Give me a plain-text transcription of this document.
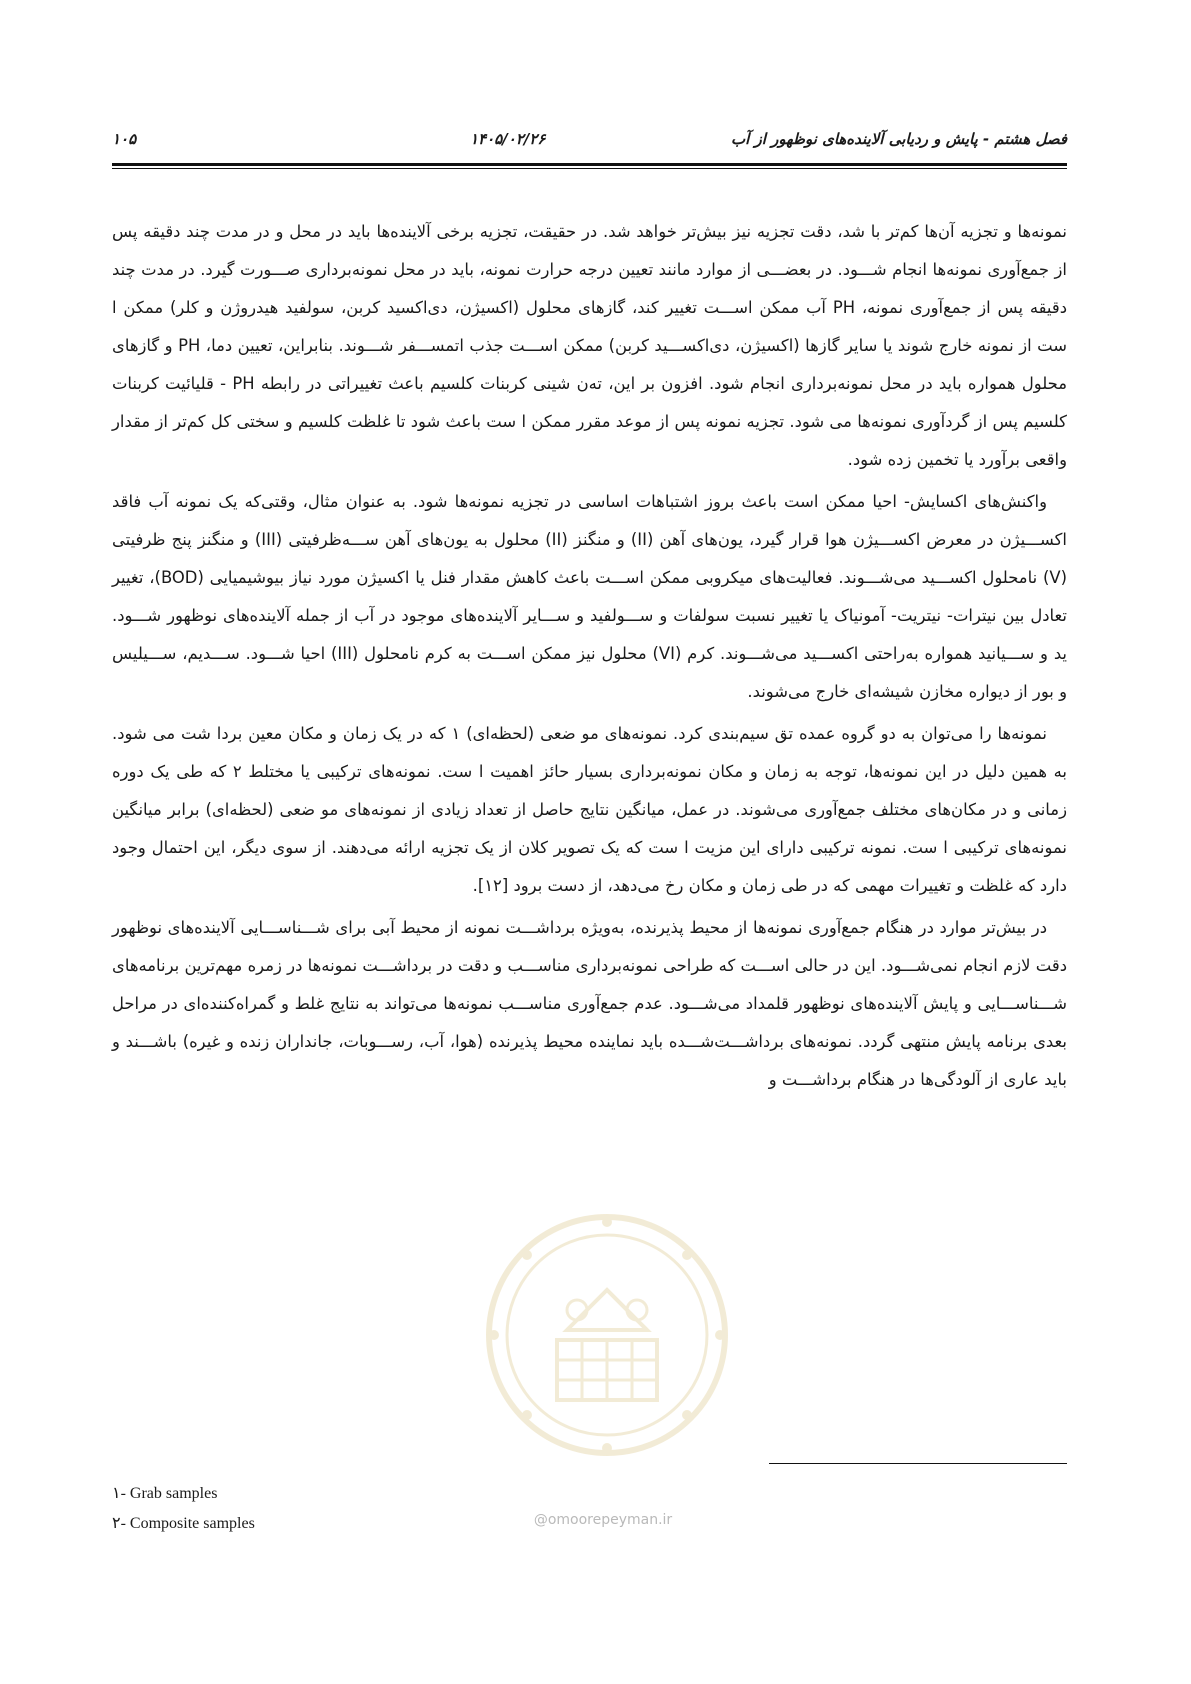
فصل هشتم - پایش و ردیابی آلاینده‌های نوظهور از آب
۱۴۰۵/۰۲/۲۶
۱۰۵

نمونه‌ها و تجزیه آن‌ها کم‌تر با شد، دقت تجزیه نیز بیش‌تر خواهد شد. در حقیقت، تجزیه برخی آلاینده‌ها باید در محل و در مدت چند دقیقه پس از جمع‌آوری نمونه‌ها انجام شـــود. در بعضـــی از موارد مانند تعیین درجه حرارت نمونه، باید در محل نمونه‌برداری صـــورت گیرد. در مدت چند دقیقه پس از جمع‌آوری نمونه، PH آب ممکن اســـت تغییر کند، گازهای محلول (اکسیژن، دی‌اکسید کربن، سولفید هیدروژن و کلر) ممکن ا ست از نمونه خارج شوند یا سایر گازها (اکسیژن، دی‌اکســـید کربن) ممکن اســـت جذب اتمســـفر شـــوند. بنابراین، تعیین دما، PH و گازهای محلول همواره باید در محل نمونه‌برداری انجام شود. افزون بر این، ته‌ن شینی کربنات کلسیم باعث تغییراتی در رابطه PH - قلیائیت کربنات کلسیم پس از گردآوری نمونه‌ها می شود. تجزیه نمونه پس از موعد مقرر ممکن ا ست باعث شود تا غلظت کلسیم و سختی کل کم‌تر از مقدار واقعی برآورد یا تخمین زده شود.

واکنش‌های اکسایش- احیا ممکن است باعث بروز اشتباهات اساسی در تجزیه نمونه‌ها شود. به عنوان مثال، وقتی‌که یک نمونه آب فاقد اکســـیژن در معرض اکســـیژن هوا قرار گیرد، یون‌های آهن (II) و منگنز (II) محلول به یون‌های آهن ســـه‌ظرفیتی (III) و منگنز پنج ظرفیتی (V) نامحلول اکســـید می‌شـــوند. فعالیت‌های میکروبی ممکن اســـت باعث کاهش مقدار فنل یا اکسیژن مورد نیاز بیوشیمیایی (BOD)، تغییر تعادل بین نیترات- نیتریت- آمونیاک یا تغییر نسبت سولفات و ســـولفید و ســـایر آلاینده‌های موجود در آب از جمله آلاینده‌های نوظهور شـــود. ید و ســـیانید همواره به‌راحتی اکســـید می‌شـــوند. کرم (VI) محلول نیز ممکن اســـت به کرم نامحلول (III) احیا شـــود. ســـدیم، ســـیلیس و بور از دیواره مخازن شیشه‌ای خارج می‌شوند.

نمونه‌ها را می‌توان به دو گروه عمده تق سیم‌بندی کرد. نمونه‌های مو ضعی (لحظه‌ای) ۱ که در یک زمان و مکان معین بردا شت می شود. به همین دلیل در این نمونه‌ها، توجه به زمان و مکان نمونه‌برداری بسیار حائز اهمیت ا ست. نمونه‌های ترکیبی یا مختلط ۲ که طی یک دوره زمانی و در مکان‌های مختلف جمع‌آوری می‌شوند. در عمل، میانگین نتایج حاصل از تعداد زیادی از نمونه‌های مو ضعی (لحظه‌ای) برابر میانگین نمونه‌های ترکیبی ا ست. نمونه ترکیبی دارای این مزیت ا ست که یک تصویر کلان از یک تجزیه ارائه می‌دهند. از سوی دیگر، این احتمال وجود دارد که غلظت و تغییرات مهمی که در طی زمان و مکان رخ می‌دهد، از دست برود [۱۲].

در بیش‌تر موارد در هنگام جمع‌آوری نمونه‌ها از محیط پذیرنده، به‌ویژه برداشـــت نمونه از محیط آبی برای شـــناســـایی آلاینده‌های نوظهور دقت لازم انجام نمی‌شـــود. این در حالی اســـت که طراحی نمونه‌برداری مناســـب و دقت در برداشـــت نمونه‌ها در زمره مهم‌ترین برنامه‌های شـــناســـایی و پایش آلاینده‌های نوظهور قلمداد می‌شـــود. عدم جمع‌آوری مناســـب نمونه‌ها می‌تواند به نتایج غلط و گمراه‌کننده‌ای در مراحل بعدی برنامه پایش منتهی گردد. نمونه‌های برداشـــت‌شـــده باید نماینده محیط پذیرنده (هوا، آب، رســـوبات، جانداران زنده و غیره) باشـــند و باید عاری از آلودگی‌ها در هنگام برداشـــت و

@omoorepeyman.ir
۱- Grab samples
۲- Composite samples
